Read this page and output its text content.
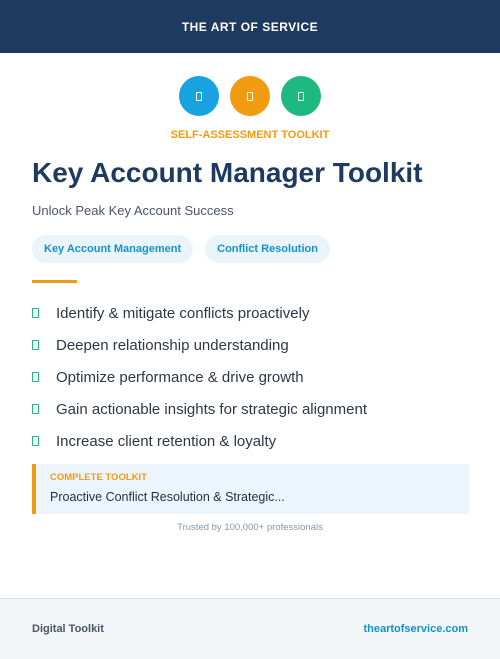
THE ART OF SERVICE
SELF-ASSESSMENT TOOLKIT
Key Account Manager Toolkit
Unlock Peak Key Account Success
Key Account Management	Conflict Resolution
Identify & mitigate conflicts proactively
Deepen relationship understanding
Optimize performance & drive growth
Gain actionable insights for strategic alignment
Increase client retention & loyalty
COMPLETE TOOLKIT
Proactive Conflict Resolution & Strategic...
Trusted by 100,000+ professionals
Digital Toolkit	theartofservice.com
